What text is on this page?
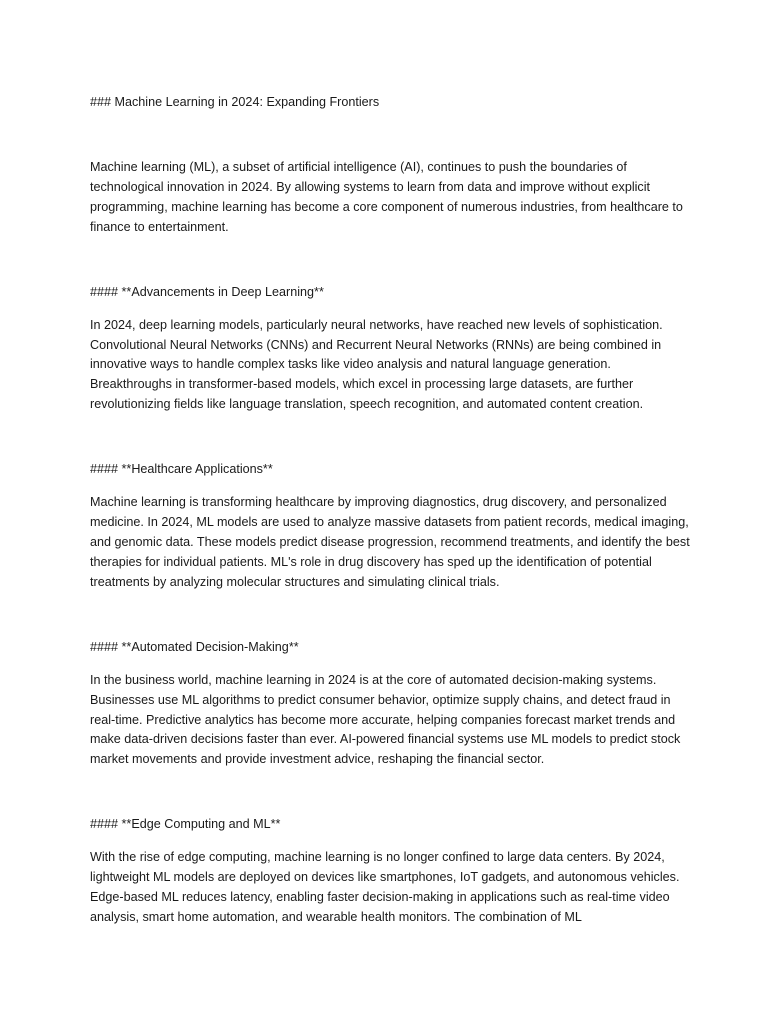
### Machine Learning in 2024: Expanding Frontiers

Machine learning (ML), a subset of artificial intelligence (AI), continues to push the boundaries of technological innovation in 2024. By allowing systems to learn from data and improve without explicit programming, machine learning has become a core component of numerous industries, from healthcare to finance to entertainment.

#### **Advancements in Deep Learning**

In 2024, deep learning models, particularly neural networks, have reached new levels of sophistication. Convolutional Neural Networks (CNNs) and Recurrent Neural Networks (RNNs) are being combined in innovative ways to handle complex tasks like video analysis and natural language generation. Breakthroughs in transformer-based models, which excel in processing large datasets, are further revolutionizing fields like language translation, speech recognition, and automated content creation.

#### **Healthcare Applications**

Machine learning is transforming healthcare by improving diagnostics, drug discovery, and personalized medicine. In 2024, ML models are used to analyze massive datasets from patient records, medical imaging, and genomic data. These models predict disease progression, recommend treatments, and identify the best therapies for individual patients. ML's role in drug discovery has sped up the identification of potential treatments by analyzing molecular structures and simulating clinical trials.

#### **Automated Decision-Making**

In the business world, machine learning in 2024 is at the core of automated decision-making systems. Businesses use ML algorithms to predict consumer behavior, optimize supply chains, and detect fraud in real-time. Predictive analytics has become more accurate, helping companies forecast market trends and make data-driven decisions faster than ever. AI-powered financial systems use ML models to predict stock market movements and provide investment advice, reshaping the financial sector.

#### **Edge Computing and ML**

With the rise of edge computing, machine learning is no longer confined to large data centers. By 2024, lightweight ML models are deployed on devices like smartphones, IoT gadgets, and autonomous vehicles. Edge-based ML reduces latency, enabling faster decision-making in applications such as real-time video analysis, smart home automation, and wearable health monitors. The combination of ML
